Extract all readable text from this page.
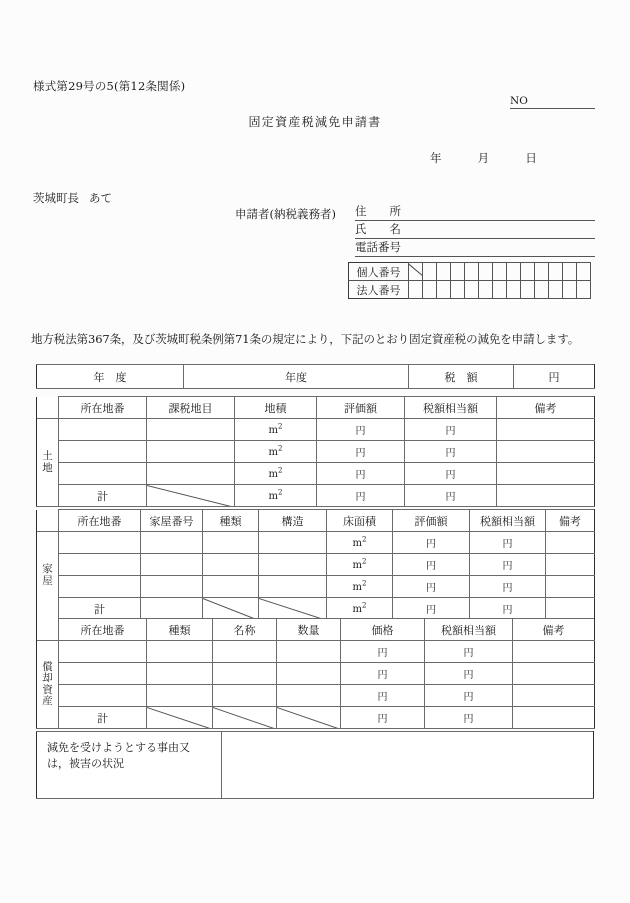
様式第29号の5(第12条関係)
NO
固定資産税減免申請書
年	月	日
茨城町長 あて
申請者(納税義務者) 住　　所
氏　　名
電話番号
個人番号													
法人番号													
地方税法第367条，及び茨城町税条例第71条の規定により，下記のとおり固定資産税の減免を申請します。
年　度	年度	税　額	円
	所在地番	課税地目	地積	評価額	税額相当額	備考

土
地			$m^2$	円	円	
			$m^2$	円	円	
			$m^2$	円	円	
	計		$m^2$	円	円	
	所在地番	家屋番号	種類	構造	床面積	評価額	税額相当額	備考

家
屋					$m^2$	円	円	
					$m^2$	円	円	
					$m^2$	円	円	
	計				$m^2$	円	円	
	所在地番	種類	名称	数量	価格	税額相当額	備考

償
却
資
産					円	円	
					円	円	
					円	円	
	計				円	円	
減免を受けようとする事由又
は，被害の状況
